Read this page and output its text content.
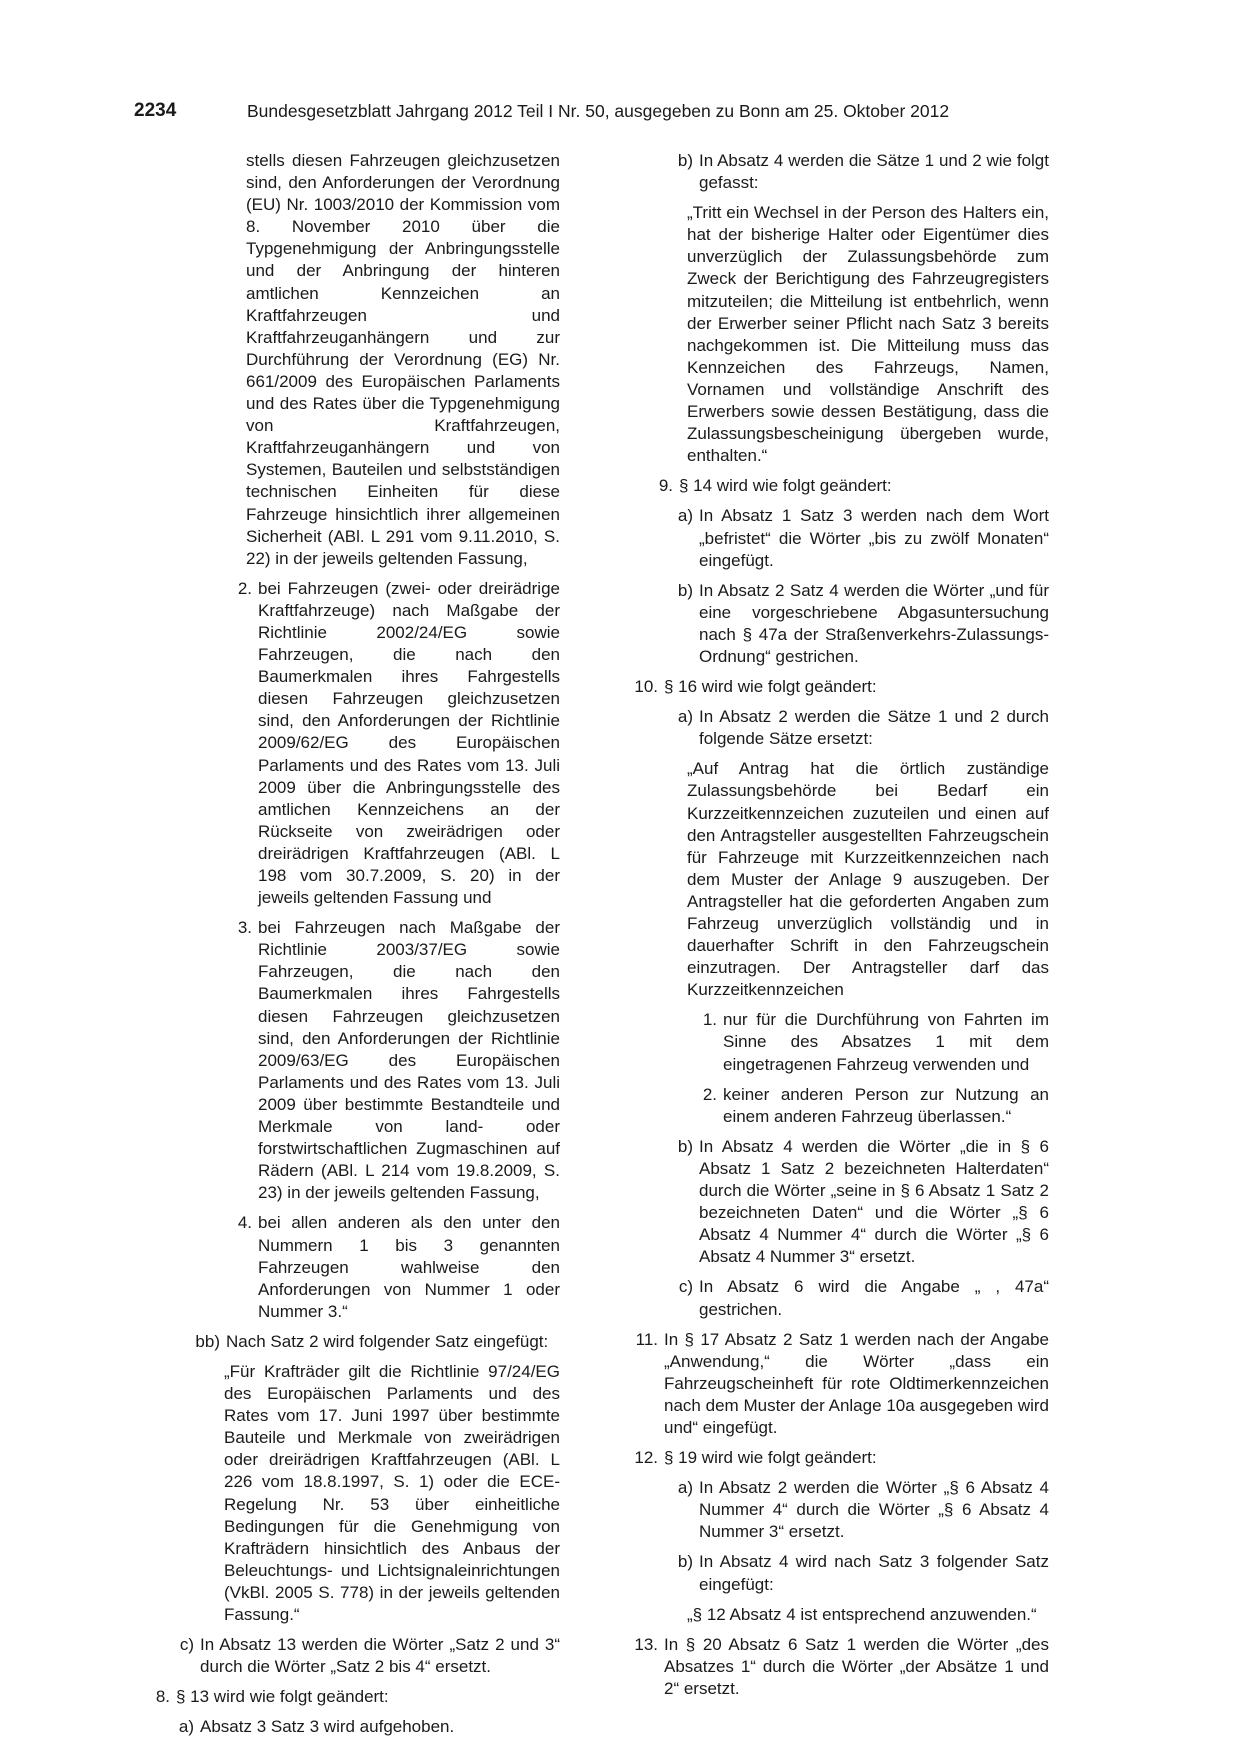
2234	Bundesgesetzblatt Jahrgang 2012 Teil I Nr. 50, ausgegeben zu Bonn am 25. Oktober 2012
stells diesen Fahrzeugen gleichzusetzen sind, den Anforderungen der Verordnung (EU) Nr. 1003/2010 der Kommission vom 8. November 2010 über die Typgenehmigung der Anbringungsstelle und der Anbringung der hinteren amtlichen Kennzeichen an Kraftfahrzeugen und Kraftfahrzeuganhängern und zur Durchführung der Verordnung (EG) Nr. 661/2009 des Europäischen Parlaments und des Rates über die Typgenehmigung von Kraftfahrzeugen, Kraftfahrzeuganhängern und von Systemen, Bauteilen und selbstständigen technischen Einheiten für diese Fahrzeuge hinsichtlich ihrer allgemeinen Sicherheit (ABl. L 291 vom 9.11.2010, S. 22) in der jeweils geltenden Fassung,
2. bei Fahrzeugen (zwei- oder dreirädrige Kraftfahrzeuge) nach Maßgabe der Richtlinie 2002/24/EG sowie Fahrzeugen, die nach den Baumerkmalen ihres Fahrgestells diesen Fahrzeugen gleichzusetzen sind, den Anforderungen der Richtlinie 2009/62/EG des Europäischen Parlaments und des Rates vom 13. Juli 2009 über die Anbringungsstelle des amtlichen Kennzeichens an der Rückseite von zweirädrigen oder dreirädrigen Kraftfahrzeugen (ABl. L 198 vom 30.7.2009, S. 20) in der jeweils geltenden Fassung und
3. bei Fahrzeugen nach Maßgabe der Richtlinie 2003/37/EG sowie Fahrzeugen, die nach den Baumerkmalen ihres Fahrgestells diesen Fahrzeugen gleichzusetzen sind, den Anforderungen der Richtlinie 2009/63/EG des Europäischen Parlaments und des Rates vom 13. Juli 2009 über bestimmte Bestandteile und Merkmale von land- oder forstwirtschaftlichen Zugmaschinen auf Rädern (ABl. L 214 vom 19.8.2009, S. 23) in der jeweils geltenden Fassung,
4. bei allen anderen als den unter den Nummern 1 bis 3 genannten Fahrzeugen wahlweise den Anforderungen von Nummer 1 oder Nummer 3.“
bb) Nach Satz 2 wird folgender Satz eingefügt:
„Für Krafträder gilt die Richtlinie 97/24/EG des Europäischen Parlaments und des Rates vom 17. Juni 1997 über bestimmte Bauteile und Merkmale von zweirädrigen oder dreirädrigen Kraftfahrzeugen (ABl. L 226 vom 18.8.1997, S. 1) oder die ECE-Regelung Nr. 53 über einheitliche Bedingungen für die Genehmigung von Krafträdern hinsichtlich des Anbaus der Beleuchtungs- und Lichtsignaleinrichtungen (VkBl. 2005 S. 778) in der jeweils geltenden Fassung.“
c) In Absatz 13 werden die Wörter „Satz 2 und 3“ durch die Wörter „Satz 2 bis 4“ ersetzt.
8. § 13 wird wie folgt geändert:
a) Absatz 3 Satz 3 wird aufgehoben.
b) In Absatz 4 werden die Sätze 1 und 2 wie folgt gefasst:
„Tritt ein Wechsel in der Person des Halters ein, hat der bisherige Halter oder Eigentümer dies unverzüglich der Zulassungsbehörde zum Zweck der Berichtigung des Fahrzeugregisters mitzuteilen; die Mitteilung ist entbehrlich, wenn der Erwerber seiner Pflicht nach Satz 3 bereits nachgekommen ist. Die Mitteilung muss das Kennzeichen des Fahrzeugs, Namen, Vornamen und vollständige Anschrift des Erwerbers sowie dessen Bestätigung, dass die Zulassungsbescheinigung übergeben wurde, enthalten.“
9. § 14 wird wie folgt geändert:
a) In Absatz 1 Satz 3 werden nach dem Wort „befristet“ die Wörter „bis zu zwölf Monaten“ eingefügt.
b) In Absatz 2 Satz 4 werden die Wörter „und für eine vorgeschriebene Abgasuntersuchung nach § 47a der Straßenverkehrs-Zulassungs-Ordnung“ gestrichen.
10. § 16 wird wie folgt geändert:
a) In Absatz 2 werden die Sätze 1 und 2 durch folgende Sätze ersetzt:
„Auf Antrag hat die örtlich zuständige Zulassungsbehörde bei Bedarf ein Kurzzeitkennzeichen zuzuteilen und einen auf den Antragsteller ausgestellten Fahrzeugschein für Fahrzeuge mit Kurzzeitkennzeichen nach dem Muster der Anlage 9 auszugeben. Der Antragsteller hat die geforderten Angaben zum Fahrzeug unverzüglich vollständig und in dauerhafter Schrift in den Fahrzeugschein einzutragen. Der Antragsteller darf das Kurzzeitkennzeichen
1. nur für die Durchführung von Fahrten im Sinne des Absatzes 1 mit dem eingetragenen Fahrzeug verwenden und
2. keiner anderen Person zur Nutzung an einem anderen Fahrzeug überlassen.“
b) In Absatz 4 werden die Wörter „die in § 6 Absatz 1 Satz 2 bezeichneten Halterdaten“ durch die Wörter „seine in § 6 Absatz 1 Satz 2 bezeichneten Daten“ und die Wörter „§ 6 Absatz 4 Nummer 4“ durch die Wörter „§ 6 Absatz 4 Nummer 3“ ersetzt.
c) In Absatz 6 wird die Angabe „ , 47a“ gestrichen.
11. In § 17 Absatz 2 Satz 1 werden nach der Angabe „Anwendung,“ die Wörter „dass ein Fahrzeugscheinheft für rote Oldtimerkennzeichen nach dem Muster der Anlage 10a ausgegeben wird und“ eingefügt.
12. § 19 wird wie folgt geändert:
a) In Absatz 2 werden die Wörter „§ 6 Absatz 4 Nummer 4“ durch die Wörter „§ 6 Absatz 4 Nummer 3“ ersetzt.
b) In Absatz 4 wird nach Satz 3 folgender Satz eingefügt:
„§ 12 Absatz 4 ist entsprechend anzuwenden.“
13. In § 20 Absatz 6 Satz 1 werden die Wörter „des Absatzes 1“ durch die Wörter „der Absätze 1 und 2“ ersetzt.
